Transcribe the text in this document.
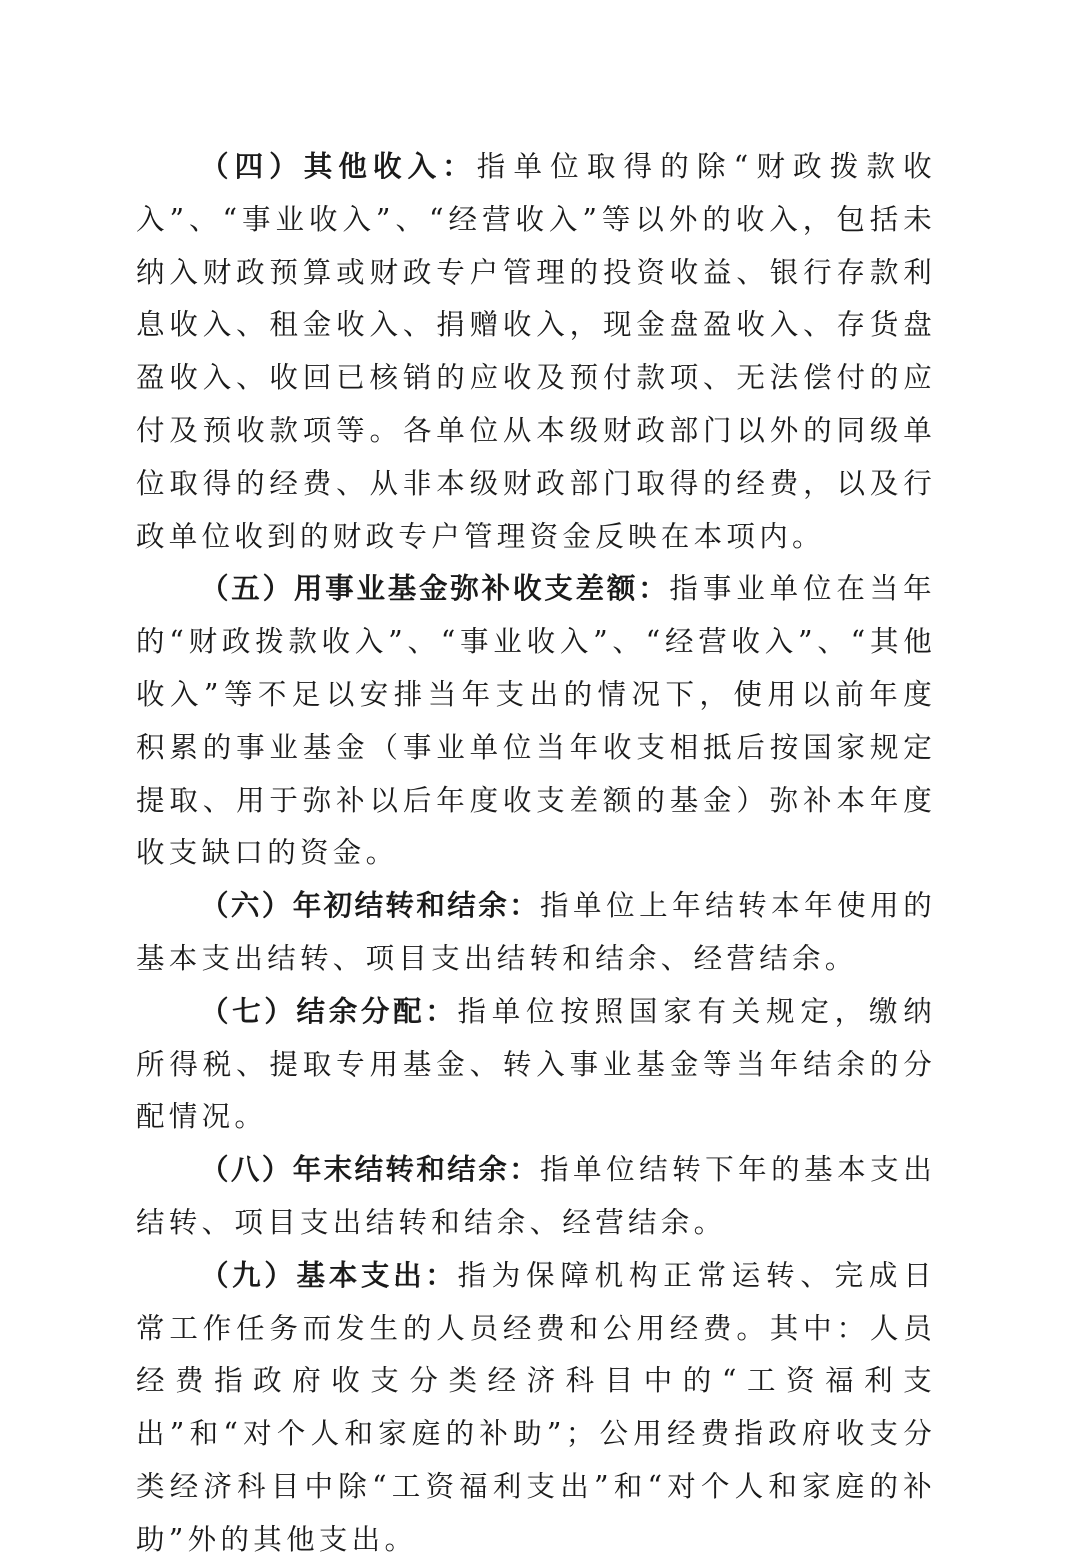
（四）其他收入：指单位取得的除“财政拨款收入”、“事业收入”、“经营收入”等以外的收入，包括未纳入财政预算或财政专户管理的投资收益、银行存款利息收入、租金收入、捐赠收入，现金盘盈收入、存货盘盈收入、收回已核销的应收及预付款项、无法偿付的应付及预收款项等。各单位从本级财政部门以外的同级单位取得的经费、从非本级财政部门取得的经费，以及行政单位收到的财政专户管理资金反映在本项内。

（五）用事业基金弥补收支差额：指事业单位在当年的“财政拨款收入”、“事业收入”、“经营收入”、“其他收入”等不足以安排当年支出的情况下，使用以前年度积累的事业基金（事业单位当年收支相抵后按国家规定提取、用于弥补以后年度收支差额的基金）弥补本年度收支缺口的资金。

（六）年初结转和结余：指单位上年结转本年使用的基本支出结转、项目支出结转和结余、经营结余。

（七）结余分配：指单位按照国家有关规定，缴纳所得税、提取专用基金、转入事业基金等当年结余的分配情况。

（八）年末结转和结余：指单位结转下年的基本支出结转、项目支出结转和结余、经营结余。

（九）基本支出：指为保障机构正常运转、完成日常工作任务而发生的人员经费和公用经费。其中：人员经费指政府收支分类经济科目中的“工资福利支出”和“对个人和家庭的补助”；公用经费指政府收支分类经济科目中除“工资福利支出”和“对个人和家庭的补助”外的其他支出。
